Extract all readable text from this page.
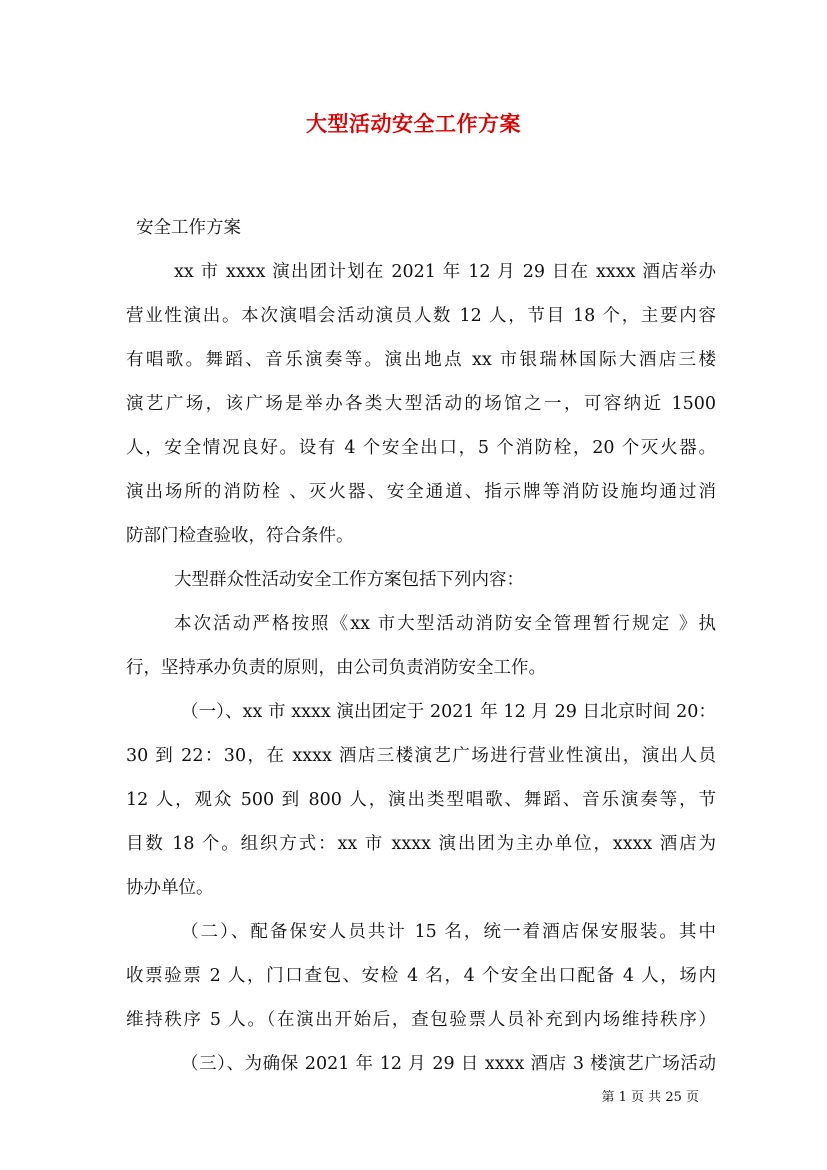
大型活动安全工作方案
安全工作方案
xx 市 xxxx 演出团计划在 2021 年 12 月 29 日在 xxxx 酒店举办
营业性演出。本次演唱会活动演员人数 12 人，节目 18 个，主要内容
有唱歌。舞蹈、音乐演奏等。演出地点 xx 市银瑞林国际大酒店三楼
演艺广场，该广场是举办各类大型活动的场馆之一，可容纳近 1500
人，安全情况良好。设有 4 个安全出口，5 个消防栓，20 个灭火器。
演出场所的消防栓 、灭火器、安全通道、指示牌等消防设施均通过消
防部门检查验收，符合条件。
大型群众性活动安全工作方案包括下列内容：
本次活动严格按照《xx 市大型活动消防安全管理暂行规定 》执
行，坚持承办负责的原则，由公司负责消防安全工作。
（一）、xx 市 xxxx 演出团定于 2021 年 12 月 29 日北京时间 20：
30 到 22：30，在 xxxx 酒店三楼演艺广场进行营业性演出，演出人员
12 人，观众 500 到 800 人，演出类型唱歌、舞蹈、音乐演奏等，节
目数 18 个。组织方式：xx 市 xxxx 演出团为主办单位，xxxx 酒店为
协办单位。
（二）、配备保安人员共计 15 名，统一着酒店保安服装。其中
收票验票 2 人，门口查包、安检 4 名，4 个安全出口配备 4 人，场内
维持秩序 5 人。（在演出开始后，查包验票人员补充到内场维持秩序）
（三）、为确保 2021 年 12 月 29 日 xxxx 酒店 3 楼演艺广场活动
第 1 页 共 25 页
